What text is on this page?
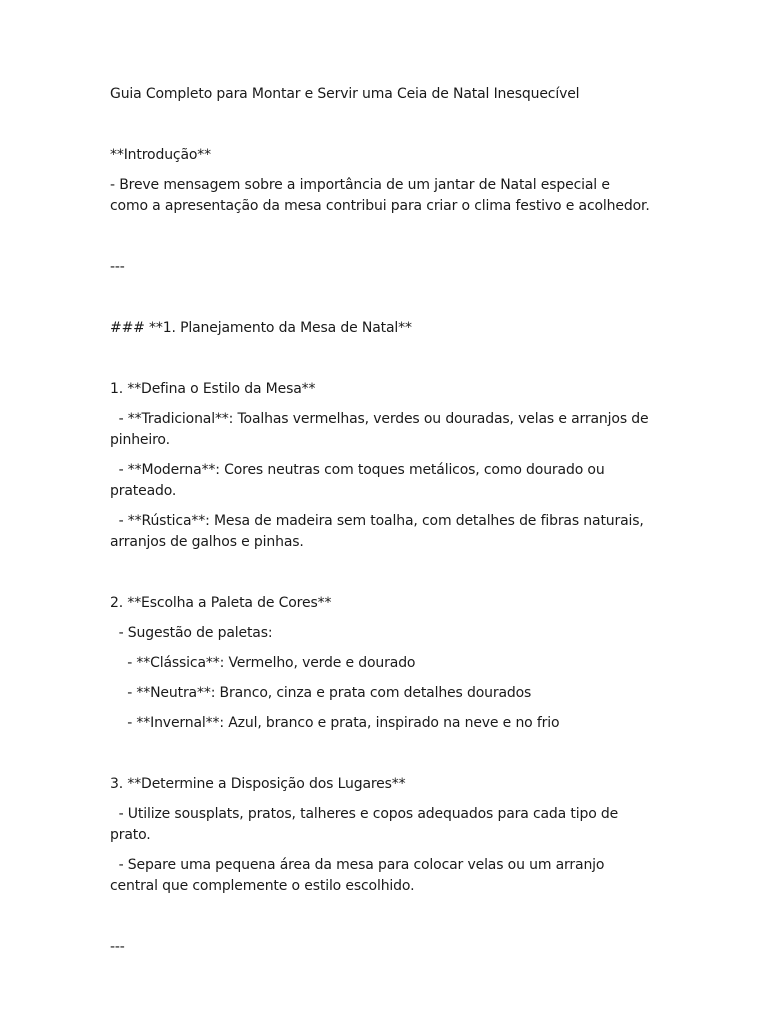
Guia Completo para Montar e Servir uma Ceia de Natal Inesquecível

**Introdução**

- Breve mensagem sobre a importância de um jantar de Natal especial e como a apresentação da mesa contribui para criar o clima festivo e acolhedor.

---

### **1. Planejamento da Mesa de Natal**

1. **Defina o Estilo da Mesa**

- **Tradicional**: Toalhas vermelhas, verdes ou douradas, velas e arranjos de pinheiro.

- **Moderna**: Cores neutras com toques metálicos, como dourado ou prateado.

- **Rústica**: Mesa de madeira sem toalha, com detalhes de fibras naturais, arranjos de galhos e pinhas.

2. **Escolha a Paleta de Cores**

- Sugestão de paletas:

- **Clássica**: Vermelho, verde e dourado

- **Neutra**: Branco, cinza e prata com detalhes dourados

- **Invernal**: Azul, branco e prata, inspirado na neve e no frio

3. **Determine a Disposição dos Lugares**

- Utilize sousplats, pratos, talheres e copos adequados para cada tipo de prato.

- Separe uma pequena área da mesa para colocar velas ou um arranjo central que complemente o estilo escolhido.

---
